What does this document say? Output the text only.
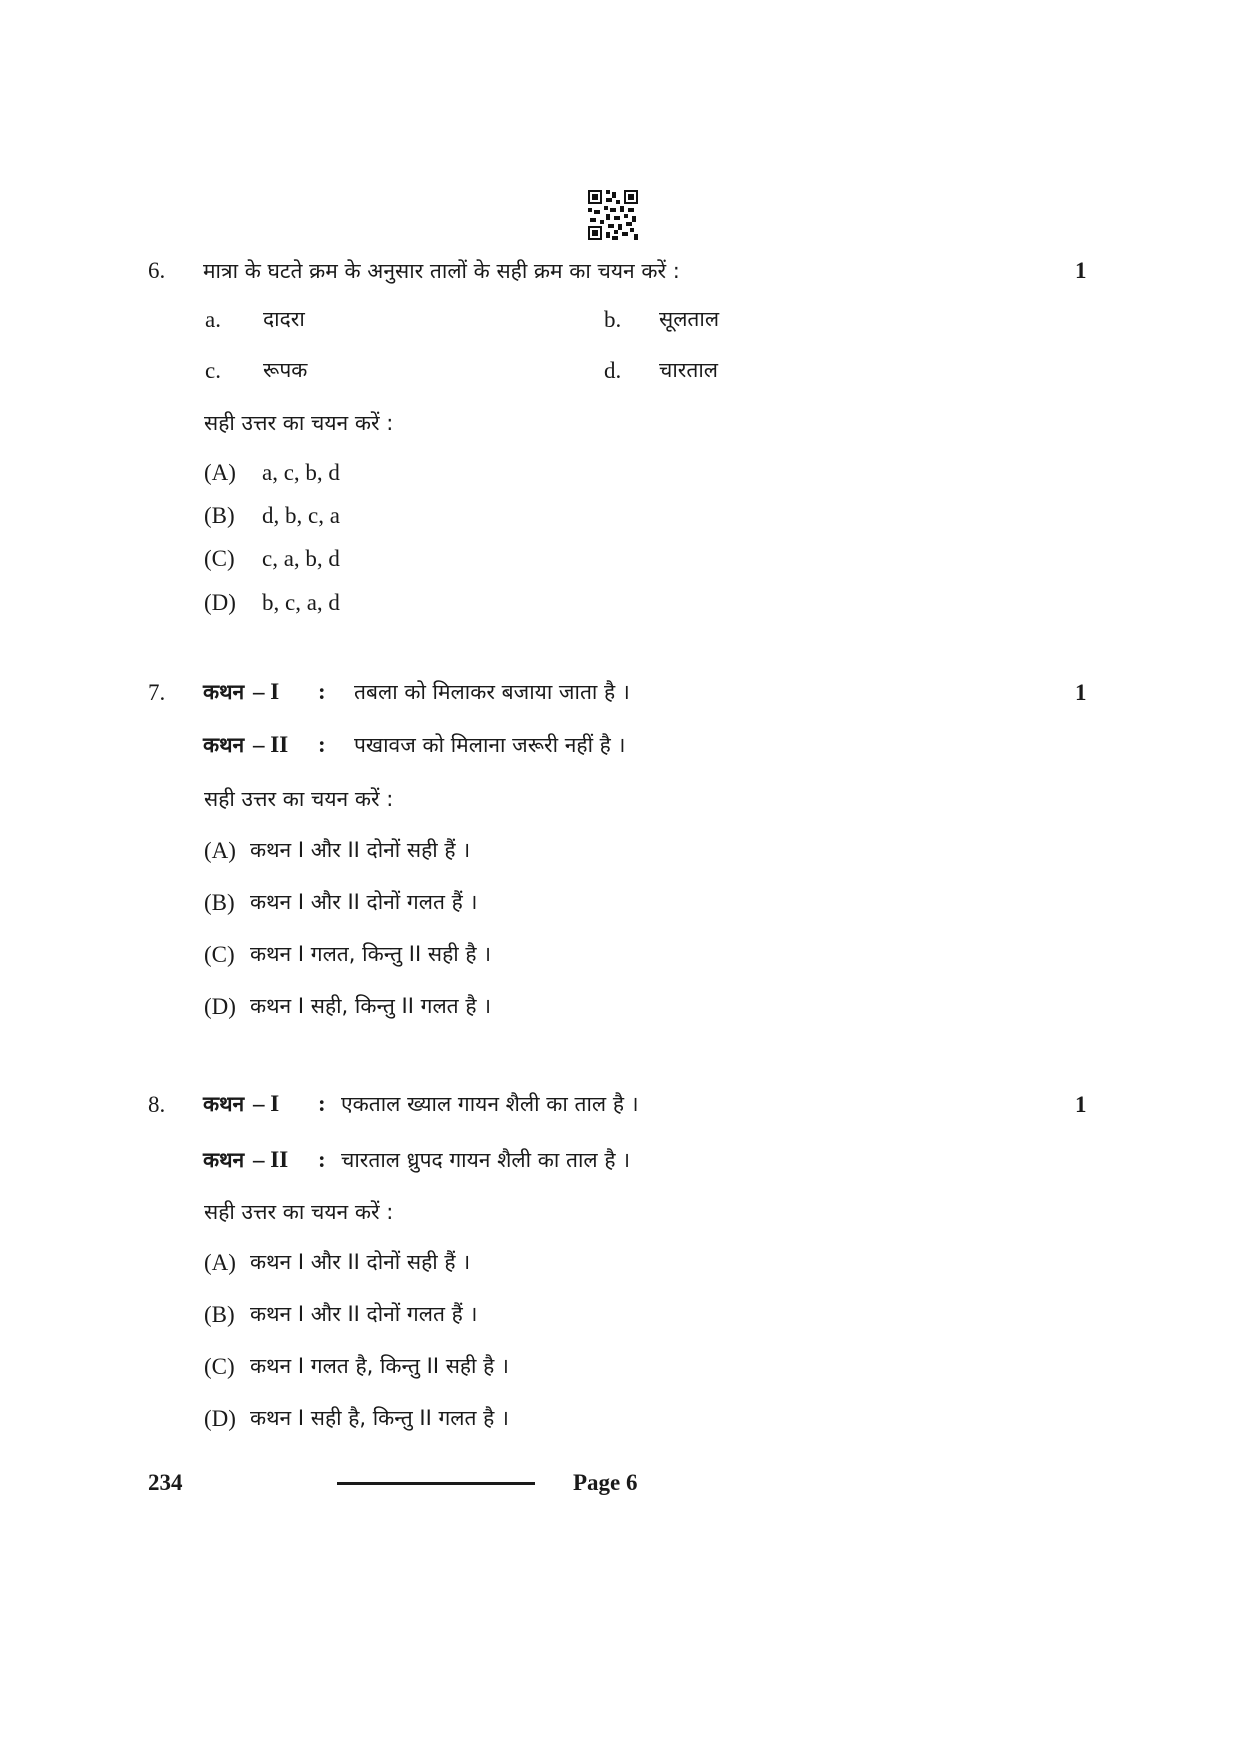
6. मात्रा के घटते क्रम के अनुसार तालों के सही क्रम का चयन करें :	1
a. दादरा	b. सूलताल
c. रूपक	d. चारताल
सही उत्तर का चयन करें :
(A) a, c, b, d
(B) d, b, c, a
(C) c, a, b, d
(D) b, c, a, d
7. कथन – I : तबला को मिलाकर बजाया जाता है ।	1
कथन – II : पखावज को मिलाना जरूरी नहीं है ।
सही उत्तर का चयन करें :
(A) कथन I और II दोनों सही हैं ।
(B) कथन I और II दोनों गलत हैं ।
(C) कथन I गलत, किन्तु II सही है ।
(D) कथन I सही, किन्तु II गलत है ।
8. कथन – I : एकताल ख्याल गायन शैली का ताल है ।	1
कथन – II : चारताल ध्रुपद गायन शैली का ताल है ।
सही उत्तर का चयन करें :
(A) कथन I और II दोनों सही हैं ।
(B) कथन I और II दोनों गलत हैं ।
(C) कथन I गलत है, किन्तु II सही है ।
(D) कथन I सही है, किन्तु II गलत है ।
234	Page 6
